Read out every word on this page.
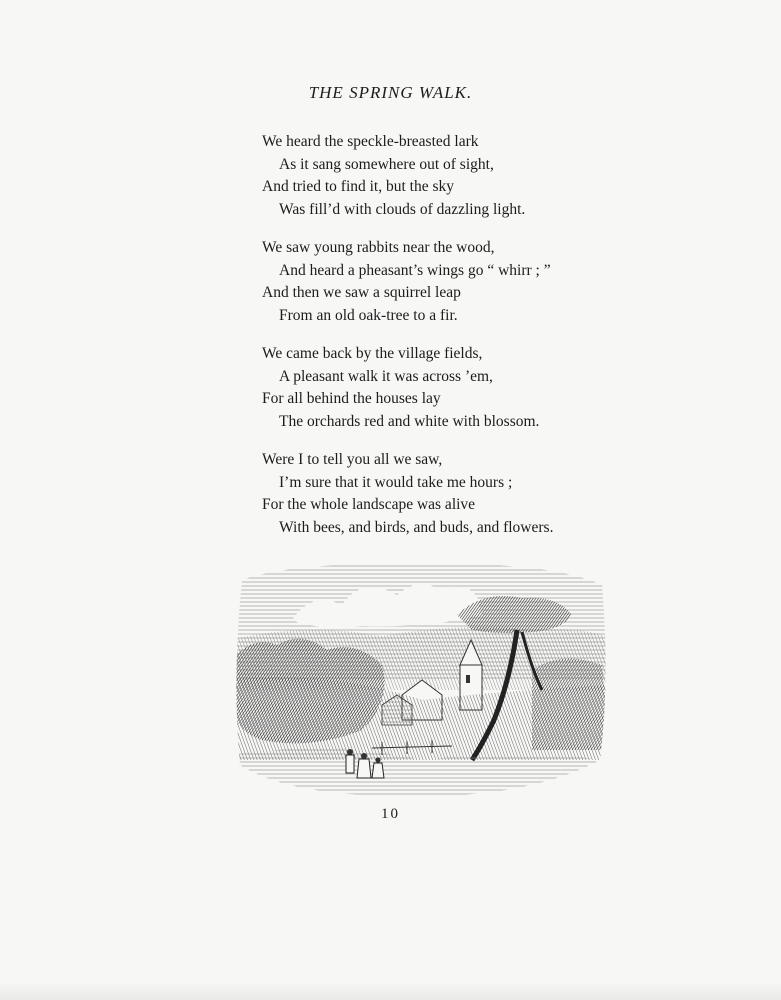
THE SPRING WALK.
We heard the speckle-breasted lark
As it sang somewhere out of sight,
And tried to find it, but the sky
Was fill’d with clouds of dazzling light.
We saw young rabbits near the wood,
And heard a pheasant’s wings go “ whirr ; ”
And then we saw a squirrel leap
From an old oak-tree to a fir.
We came back by the village fields,
A pleasant walk it was across ’em,
For all behind the houses lay
The orchards red and white with blossom.
Were I to tell you all we saw,
I’m sure that it would take me hours ;
For the whole landscape was alive
With bees, and birds, and buds, and flowers.
10
